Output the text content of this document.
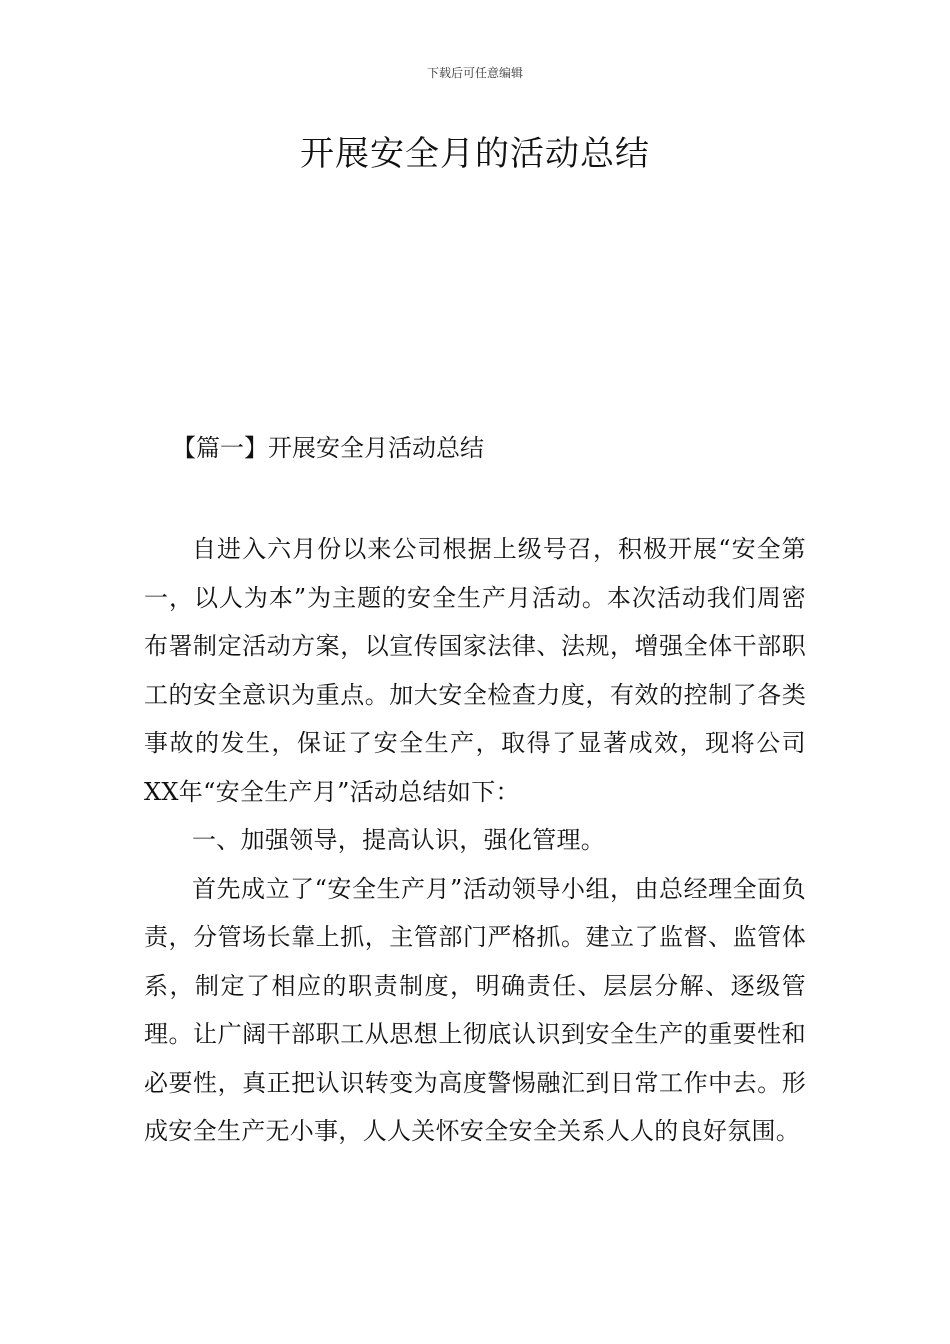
下载后可任意编辑
开展安全月的活动总结
【篇一】开展安全月活动总结

自进入六月份以来公司根据上级号召，积极开展“安全第一，以人为本”为主题的安全生产月活动。本次活动我们周密布署制定活动方案，以宣传国家法律、法规，增强全体干部职工的安全意识为重点。加大安全检查力度，有效的控制了各类事故的发生，保证了安全生产，取得了显著成效，现将公司XX年“安全生产月”活动总结如下：

一、加强领导，提高认识，强化管理。

首先成立了“安全生产月”活动领导小组，由总经理全面负责，分管场长靠上抓，主管部门严格抓。建立了监督、监管体系，制定了相应的职责制度，明确责任、层层分解、逐级管理。让广阔干部职工从思想上彻底认识到安全生产的重要性和必要性，真正把认识转变为高度警惕融汇到日常工作中去。形成安全生产无小事，人人关怀安全安全关系人人的良好氛围。
